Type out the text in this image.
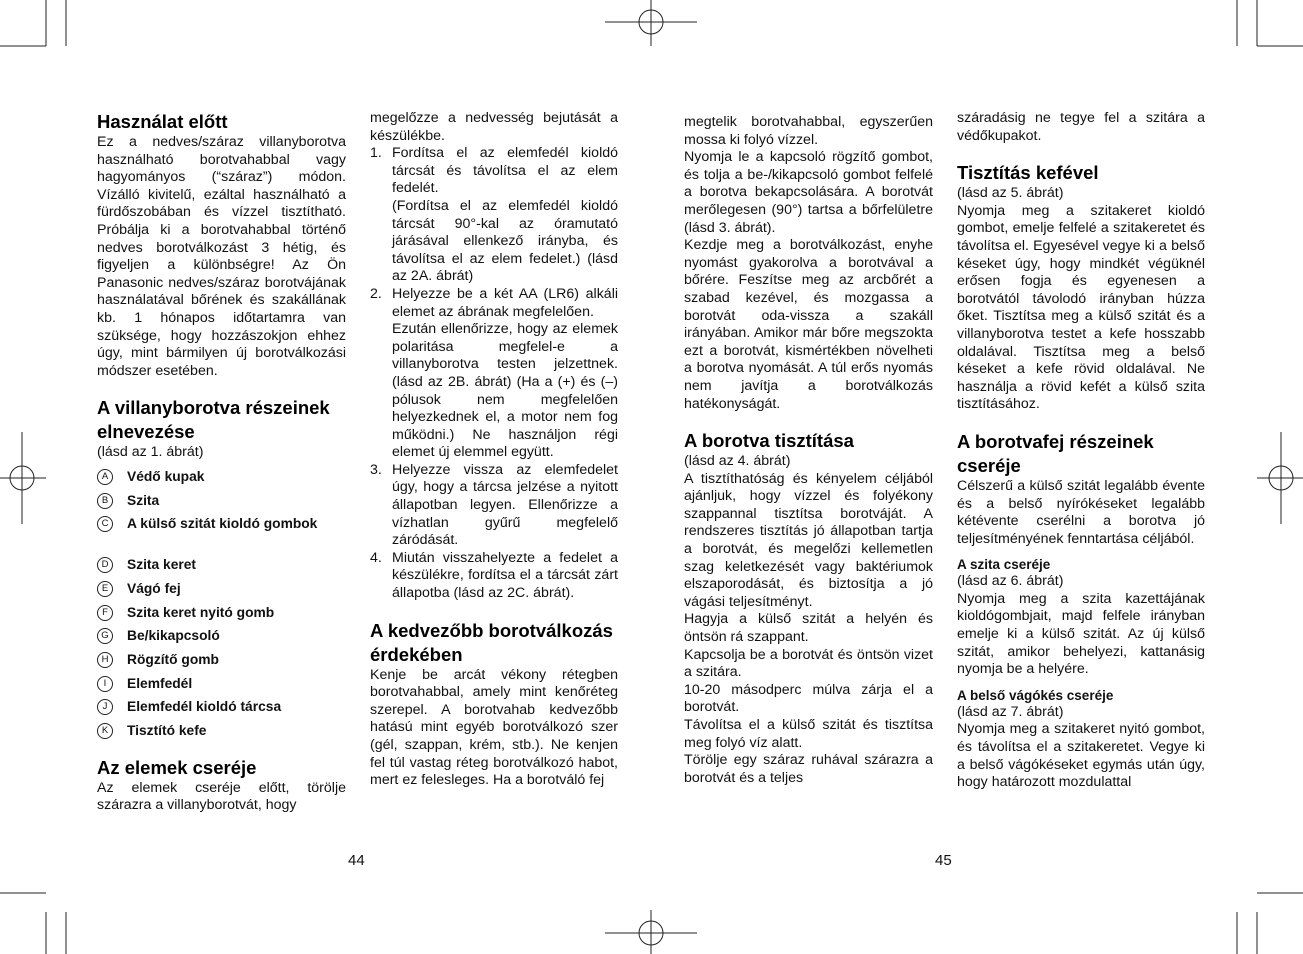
Használat előtt

Ez a nedves/száraz villanyborotva használható borotvahabbal vagy hagyományos (“száraz”) módon. Vízálló kivitelű, ezáltal használható a fürdőszobában és vízzel tisztítható. Próbálja ki a borotvahabbal történő nedves borotválkozást 3 hétig, és figyeljen a különbségre! Az Ön Panasonic nedves/száraz borotvájának használatával bőrének és szakállának kb. 1 hónapos időtartamra van szüksége, hogy hozzászokjon ehhez úgy, mint bármilyen új borotválkozási módszer esetében.

A villanyborotva részeinek elnevezése

(lásd az 1. ábrát)

A	Védő kupak
B	Szita
C	A külső szitát kioldó gombok
D	Szita keret
E	Vágó fej
F	Szita keret nyitó gomb
G	Be/kikapcsoló
H	Rögzítő gomb
I	Elemfedél
J	Elemfedél kioldó tárcsa
K	Tisztító kefe
Az elemek cseréje

Az elemek cseréje előtt, törölje szárazra a villanyborotvát, hogy

megelőzze a nedvesség bejutását a készülékbe.

1. Fordítsa el az elemfedél kioldó tárcsát és távolítsa el az elem fedelét.

(Fordítsa el az elemfedél kioldó tárcsát 90°-kal az óramutató járásával ellenkező irányba, és távolítsa el az elem fedelet.) (lásd az 2A. ábrát)

2. Helyezze be a két AA (LR6) alkáli elemet az ábrának megfelelően.

Ezután ellenőrizze, hogy az elemek polaritása megfelel-e a villanyborotva testen jelzettnek. (lásd az 2B. ábrát) (Ha a (+) és (–) pólusok nem megfelelően helyezkednek el, a motor nem fog működni.) Ne használjon régi elemet új elemmel együtt.

3. Helyezze vissza az elemfedelet úgy, hogy a tárcsa jelzése a nyitott állapotban legyen. Ellenőrizze a vízhatlan gyűrű megfelelő záródását.

4. Miután visszahelyezte a fedelet a készülékre, fordítsa el a tárcsát zárt állapotba (lásd az 2C. ábrát).

A kedvezőbb borotválkozás érdekében

Kenje be arcát vékony rétegben borotvahabbal, amely mint kenőréteg szerepel. A borotvahab kedvezőbb hatású mint egyéb borotválkozó szer (gél, szappan, krém, stb.). Ne kenjen fel túl vastag réteg borotválkozó habot, mert ez felesleges. Ha a borotváló fej

megtelik borotvahabbal, egyszerűen mossa ki folyó vízzel.

Nyomja le a kapcsoló rögzítő gombot, és tolja a be-/kikapcsoló gombot felfelé a borotva bekapcsolására. A borotvát merőlegesen (90°) tartsa a bőrfelületre (lásd 3. ábrát).

Kezdje meg a borotválkozást, enyhe nyomást gyakorolva a borotvával a bőrére. Feszítse meg az arcbőrét a szabad kezével, és mozgassa a borotvát oda-vissza a szakáll irányában. Amikor már bőre megszokta ezt a borotvát, kismértékben növelheti a borotva nyomását. A túl erős nyomás nem javítja a borotválkozás hatékonyságát.

A borotva tisztítása

(lásd az 4. ábrát)

A tisztíthatóság és kényelem céljából ajánljuk, hogy vízzel és folyékony szappannal tisztítsa borotváját. A rendszeres tisztítás jó állapotban tartja a borotvát, és megelőzi kellemetlen szag keletkezését vagy baktériumok elszaporodását, és biztosítja a jó vágási teljesítményt.

Hagyja a külső szitát a helyén és öntsön rá szappant.

Kapcsolja be a borotvát és öntsön vizet a szitára.

10-20 másodperc múlva zárja el a borotvát.

Távolítsa el a külső szitát és tisztítsa meg folyó víz alatt.

Törölje egy száraz ruhával szárazra a borotvát és a teljes

száradásig ne tegye fel a szitára a védőkupakot.

Tisztítás kefével

(lásd az 5. ábrát)

Nyomja meg a szitakeret kioldó gombot, emelje felfelé a szitakeretet és távolítsa el. Egyesével vegye ki a belső késeket úgy, hogy mindkét végüknél erősen fogja és egyenesen a borotvától távolodó irányban húzza őket. Tisztítsa meg a külső szitát és a villanyborotva testet a kefe hosszabb oldalával. Tisztítsa meg a belső késeket a kefe rövid oldalával. Ne használja a rövid kefét a külső szita tisztításához.

A borotvafej részeinek cseréje

Célszerű a külső szitát legalább évente és a belső nyírókéseket legalább kétévente cserélni a borotva jó teljesítményének fenntartása céljából.

A szita cseréje

(lásd az 6. ábrát)

Nyomja meg a szita kazettájának kioldógombjait, majd felfele irányban emelje ki a külső szitát. Az új külső szitát, amikor behelyezi, kattanásig nyomja be a helyére.

A belső vágókés cseréje

(lásd az 7. ábrát)

Nyomja meg a szitakeret nyitó gombot, és távolítsa el a szitakeretet. Vegye ki a belső vágókéseket egymás után úgy, hogy határozott mozdulattal

44	45
